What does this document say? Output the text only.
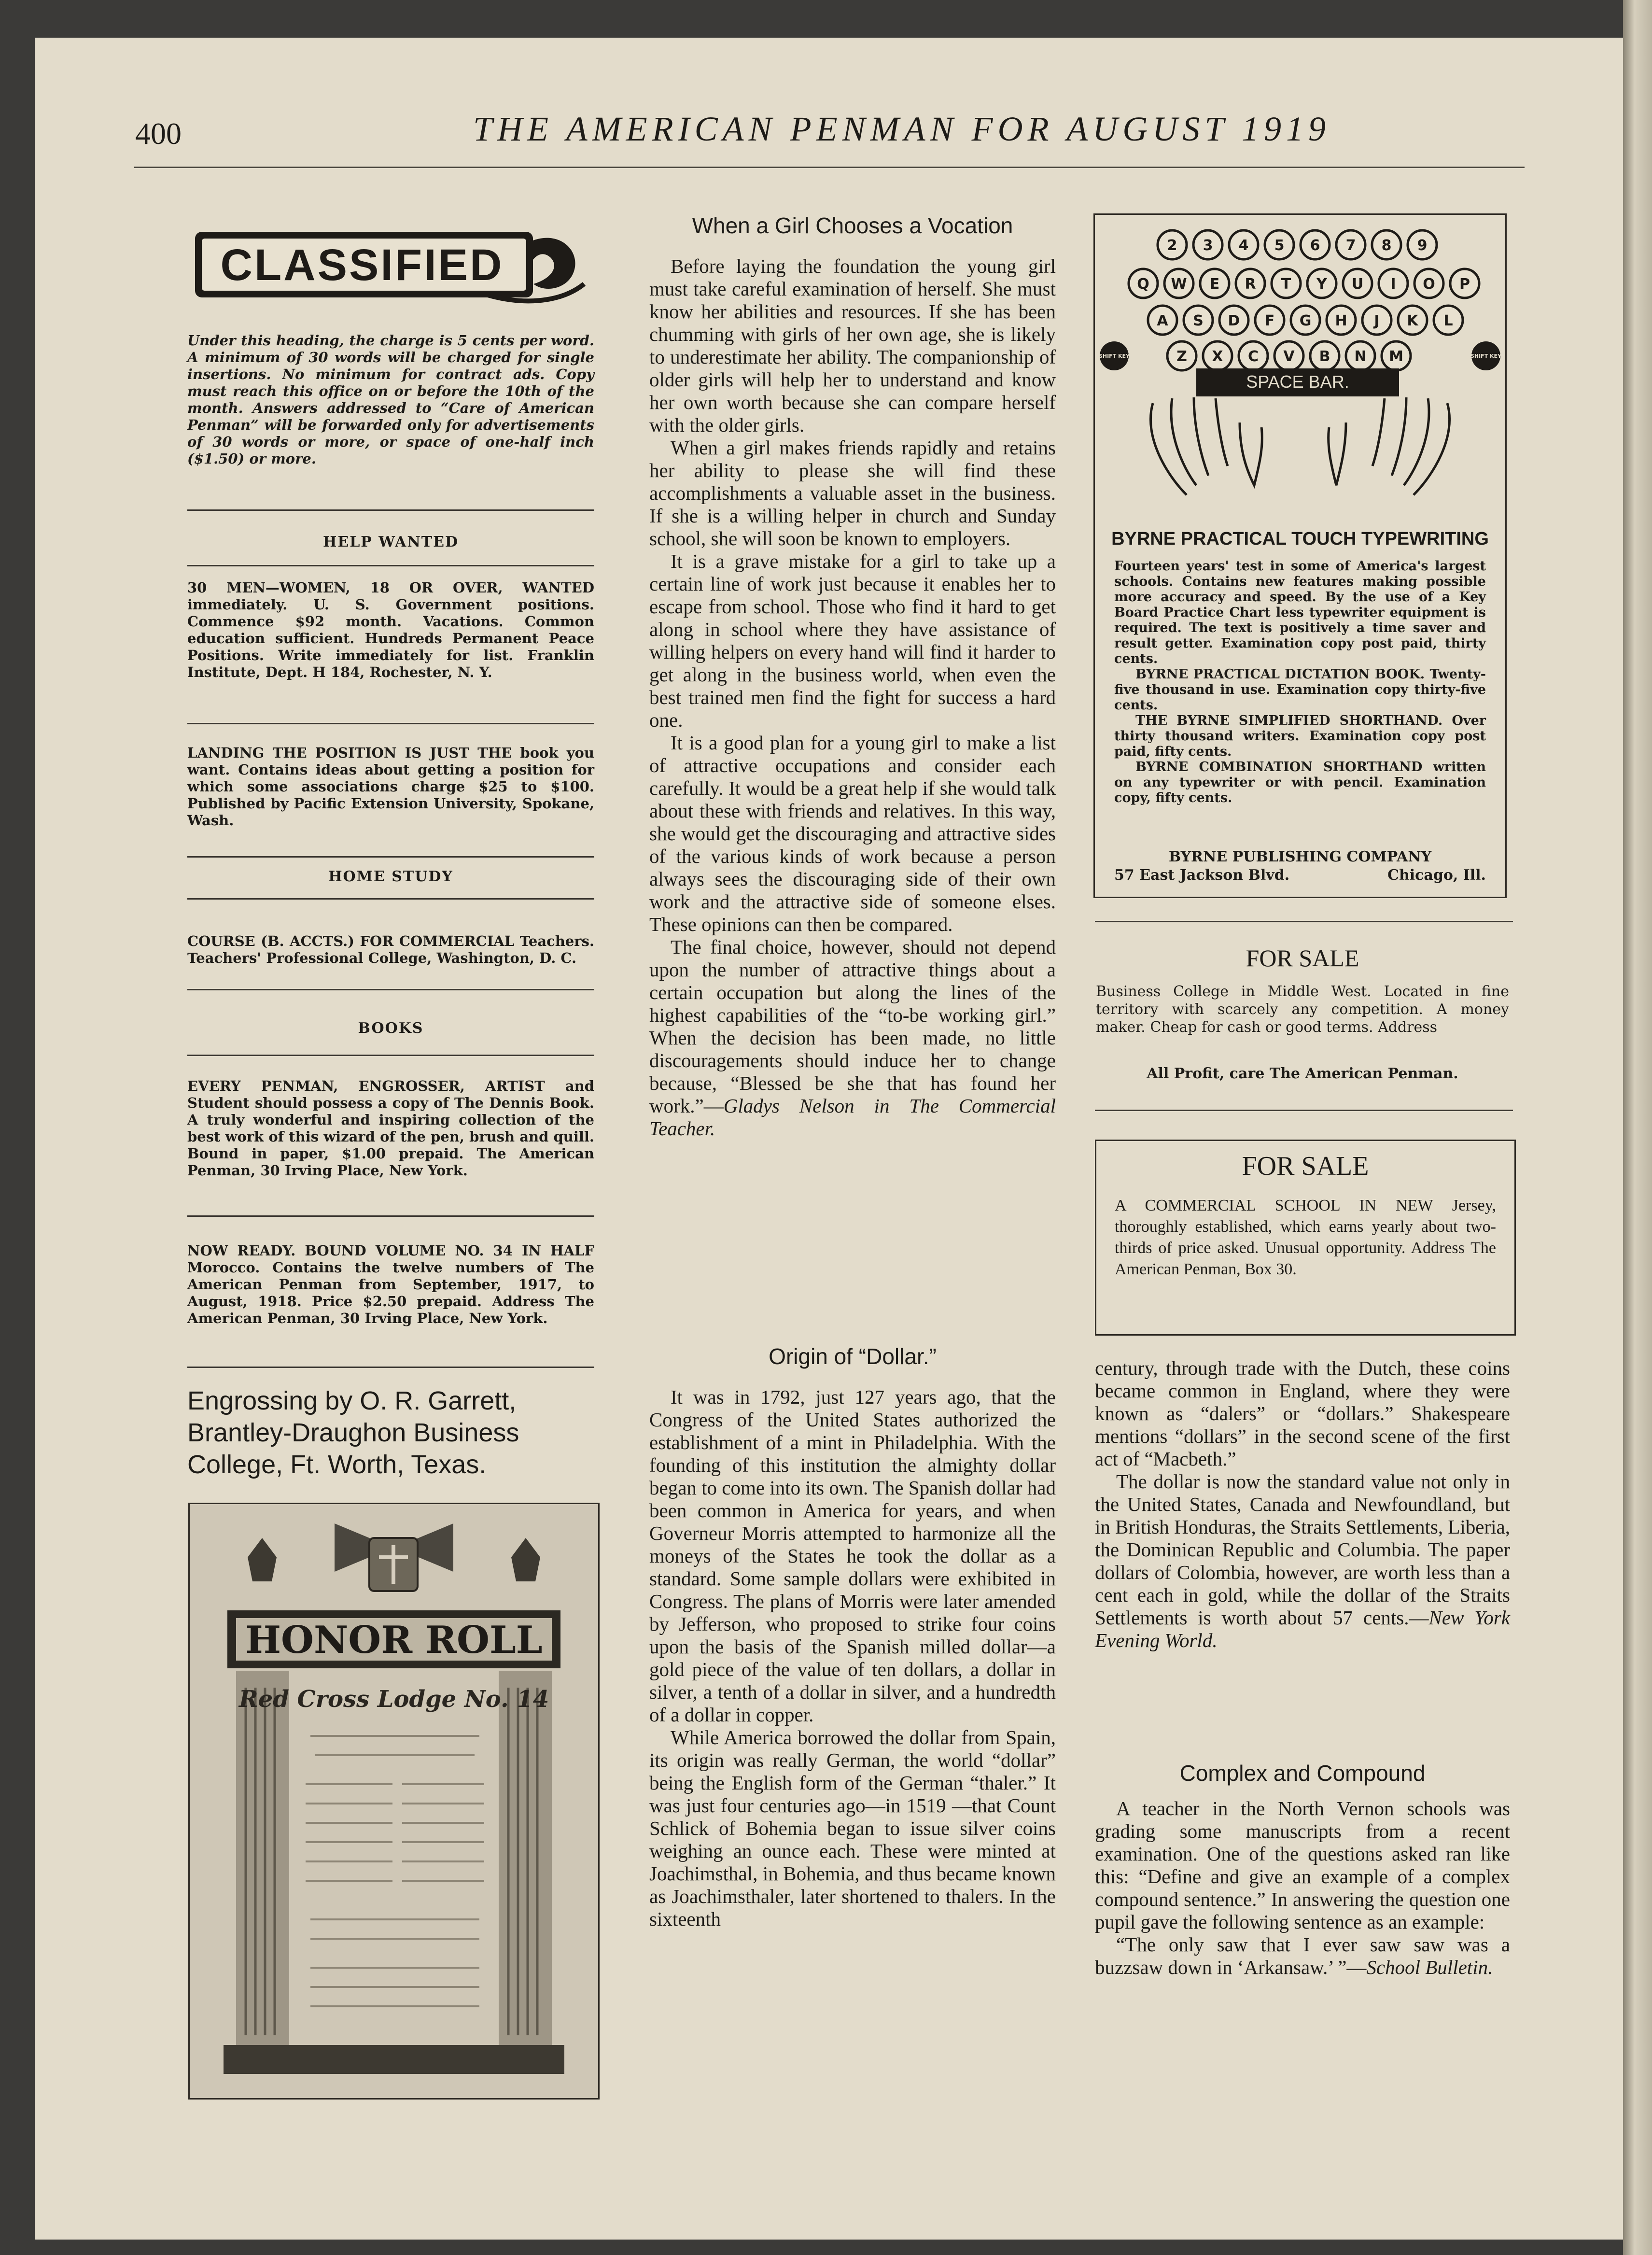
400	THE AMERICAN PENMAN FOR AUGUST 1919
CLASSIFIED
Under this heading, the charge is 5 cents per word. A minimum of 30 words will be charged for single insertions. No minimum for contract ads. Copy must reach this office on or before the 10th of the month. Answers addressed to “Care of American Penman” will be forwarded only for advertisements of 30 words or more, or space of one-half inch ($1.50) or more.
HELP WANTED
30 MEN—WOMEN, 18 OR OVER, WANTED immediately. U. S. Government positions. Commence $92 month. Vacations. Common education sufficient. Hundreds Permanent Peace Positions. Write immediately for list. Franklin Institute, Dept. H 184, Rochester, N. Y.
LANDING THE POSITION IS JUST THE book you want. Contains ideas about getting a position for which some associations charge $25 to $100. Published by Pacific Extension University, Spokane, Wash.
HOME STUDY
COURSE (B. ACCTS.) FOR COMMERCIAL Teachers. Teachers' Professional College, Washington, D. C.
BOOKS
EVERY PENMAN, ENGROSSER, ARTIST and Student should possess a copy of The Dennis Book. A truly wonderful and inspiring collection of the best work of this wizard of the pen, brush and quill. Bound in paper, $1.00 prepaid. The American Penman, 30 Irving Place, New York.
NOW READY. BOUND VOLUME NO. 34 IN HALF Morocco. Contains the twelve numbers of The American Penman from September, 1917, to August, 1918. Price $2.50 prepaid. Address The American Penman, 30 Irving Place, New York.
Engrossing by O. R. Garrett, Brantley-Draughon Business College, Ft. Worth, Texas.
HONOR ROLL
Red Cross Lodge No. 14
When a Girl Chooses a Vocation

Before laying the foundation the young girl must take careful examination of herself. She must know her abilities and resources. If she has been chumming with girls of her own age, she is likely to underestimate her ability. The companionship of older girls will help her to understand and know her own worth because she can compare herself with the older girls.

When a girl makes friends rapidly and retains her ability to please she will find these accomplishments a valuable asset in the business. If she is a willing helper in church and Sunday school, she will soon be known to employers.

It is a grave mistake for a girl to take up a certain line of work just because it enables her to escape from school. Those who find it hard to get along in school where they have assistance of willing helpers on every hand will find it harder to get along in the business world, when even the best trained men find the fight for success a hard one.

It is a good plan for a young girl to make a list of attractive occupations and consider each carefully. It would be a great help if she would talk about these with friends and relatives. In this way, she would get the discouraging and attractive sides of the various kinds of work because a person always sees the discouraging side of their own work and the attractive side of someone elses. These opinions can then be compared.

The final choice, however, should not depend upon the number of attractive things about a certain occupation but along the lines of the highest capabilities of the “to-be working girl.” When the decision has been made, no little discouragements should induce her to change because, “Blessed be she that has found her work.”—Gladys Nelson in The Commercial Teacher.

Origin of “Dollar.”

It was in 1792, just 127 years ago, that the Congress of the United States authorized the establishment of a mint in Philadelphia. With the founding of this institution the almighty dollar began to come into its own. The Spanish dollar had been common in America for years, and when Governeur Morris attempted to harmonize all the moneys of the States he took the dollar as a standard. Some sample dollars were exhibited in Congress. The plans of Morris were later amended by Jefferson, who proposed to strike four coins upon the basis of the Spanish milled dollar—a gold piece of the value of ten dollars, a dollar in silver, a tenth of a dollar in silver, and a hundredth of a dollar in copper.

While America borrowed the dollar from Spain, its origin was really German, the world “dollar” being the English form of the German “thaler.” It was just four centuries ago—in 1519 —that Count Schlick of Bohemia began to issue silver coins weighing an ounce each. These were minted at Joachimsthal, in Bohemia, and thus became known as Joachimsthaler, later shortened to thalers. In the sixteenth

2 3 4 5 6 7 8 9
Q W E R T Y U I O P
A S D F G H J K L
Z X C V B N M
SHIFT KEY	SHIFT KEY
SPACE BAR.
BYRNE PRACTICAL TOUCH TYPEWRITING
Fourteen years' test in some of America's largest schools. Contains new features making possible more accuracy and speed. By the use of a Key Board Practice Chart less typewriter equipment is required. The text is positively a time saver and result getter. Examination copy post paid, thirty cents.
BYRNE PRACTICAL DICTATION BOOK. Twenty-five thousand in use. Examination copy thirty-five cents.
THE BYRNE SIMPLIFIED SHORTHAND. Over thirty thousand writers. Examination copy post paid, fifty cents.
BYRNE COMBINATION SHORTHAND written on any typewriter or with pencil. Examination copy, fifty cents.
BYRNE PUBLISHING COMPANY
57 East Jackson Blvd.	Chicago, Ill.
FOR SALE
Business College in Middle West. Located in fine territory with scarcely any competition. A money maker. Cheap for cash or good terms. Address
All Profit, care The American Penman.
FOR SALE
A COMMERCIAL SCHOOL IN NEW Jersey, thoroughly established, which earns yearly about two-thirds of price asked. Unusual opportunity. Address The American Penman, Box 30.

century, through trade with the Dutch, these coins became common in England, where they were known as “dalers” or “dollars.” Shakespeare mentions “dollars” in the second scene of the first act of “Macbeth.”

The dollar is now the standard value not only in the United States, Canada and Newfoundland, but in British Honduras, the Straits Settlements, Liberia, the Dominican Republic and Columbia. The paper dollars of Colombia, however, are worth less than a cent each in gold, while the dollar of the Straits Settlements is worth about 57 cents.—New York Evening World.

Complex and Compound

A teacher in the North Vernon schools was grading some manuscripts from a recent examination. One of the questions asked ran like this: “Define and give an example of a complex compound sentence.” In answering the question one pupil gave the following sentence as an example:

“The only saw that I ever saw saw was a buzzsaw down in ‘Arkansaw.’ ”—School Bulletin.
